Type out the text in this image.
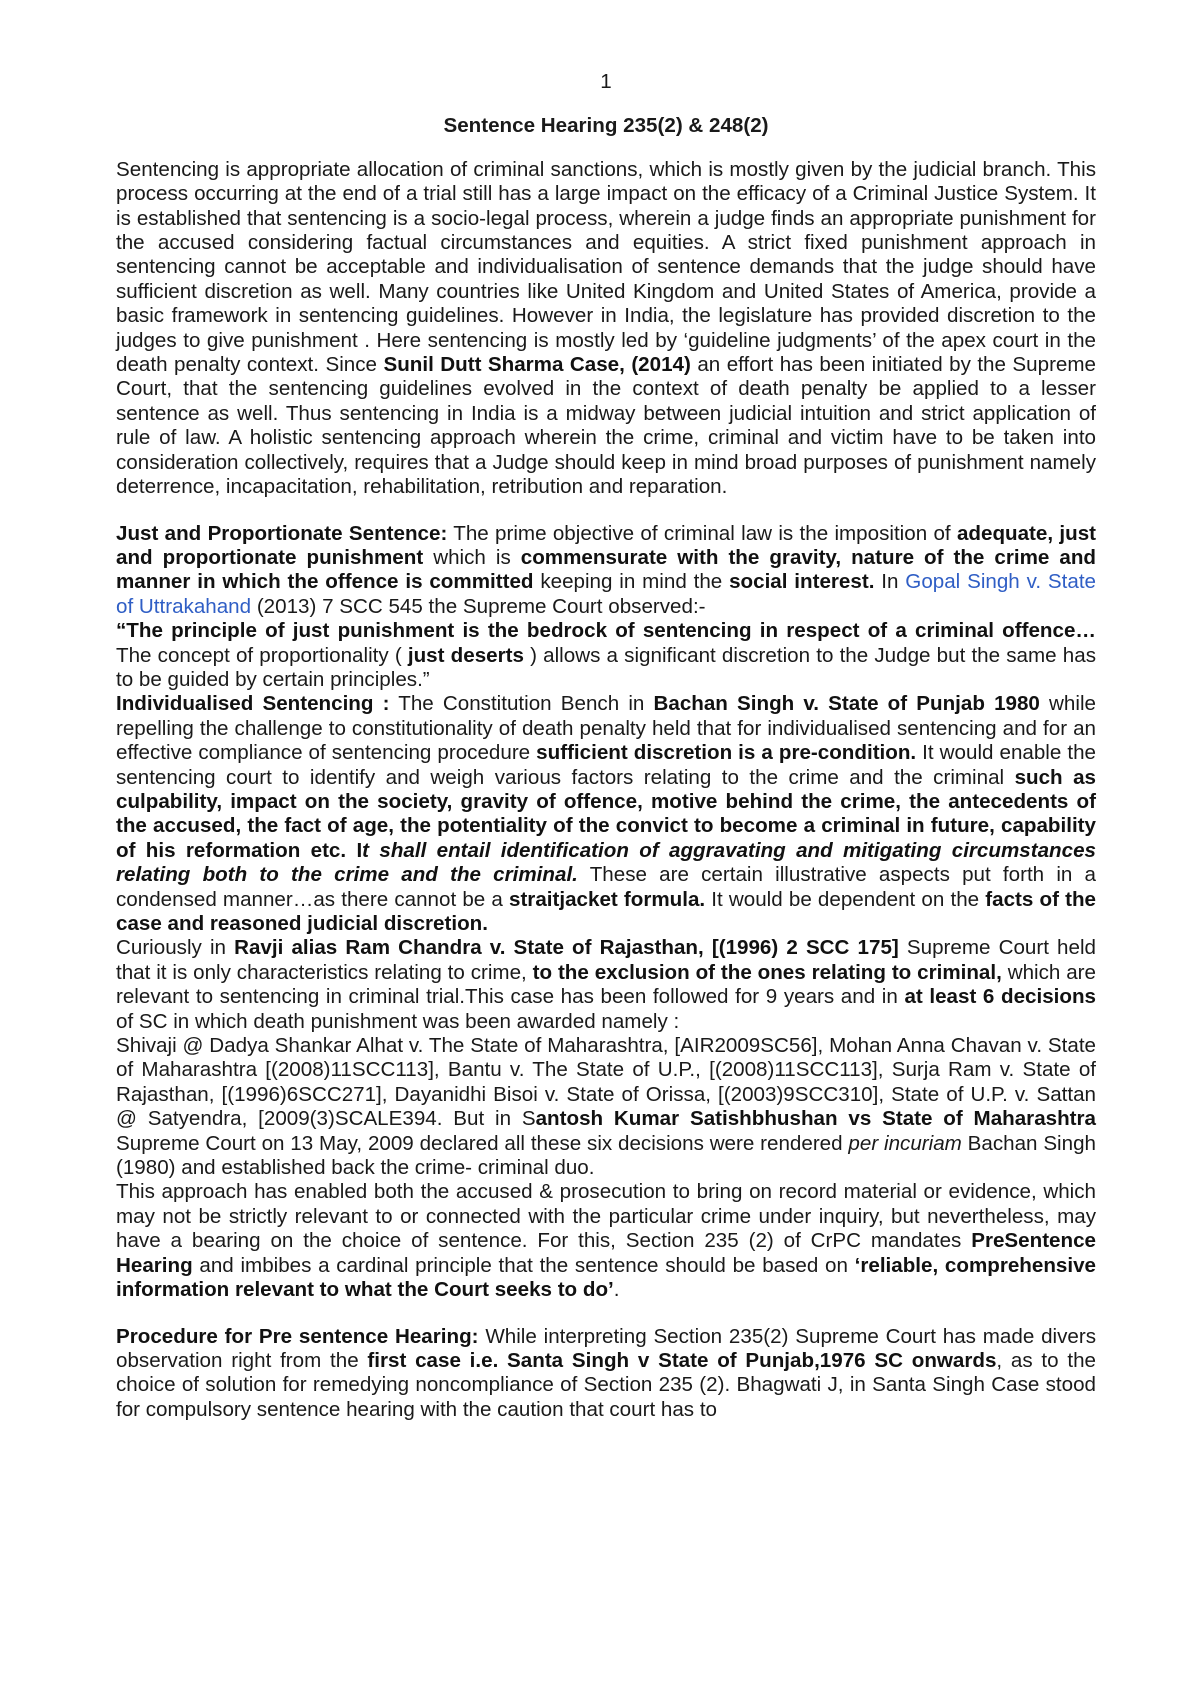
1
Sentence Hearing 235(2) & 248(2)

Sentencing is appropriate allocation of criminal sanctions, which is mostly given by the judicial branch. This process occurring at the end of a trial still has a large impact on the efficacy of a Criminal Justice System. It is established that sentencing is a socio-legal process, wherein a judge finds an appropriate punishment for the accused considering factual circumstances and equities. A strict fixed punishment approach in sentencing cannot be acceptable and individualisation of sentence demands that the judge should have sufficient discretion as well. Many countries like United Kingdom and United States of America, provide a basic framework in sentencing guidelines. However in India, the legislature has provided discretion to the judges to give punishment . Here sentencing is mostly led by ‘guideline judgments’ of the apex court in the death penalty context. Since Sunil Dutt Sharma Case, (2014) an effort has been initiated by the Supreme Court, that the sentencing guidelines evolved in the context of death penalty be applied to a lesser sentence as well. Thus sentencing in India is a midway between judicial intuition and strict application of rule of law. A holistic sentencing approach wherein the crime, criminal and victim have to be taken into consideration collectively, requires that a Judge should keep in mind broad purposes of punishment namely deterrence, incapacitation, rehabilitation, retribution and reparation.

Just and Proportionate Sentence: The prime objective of criminal law is the imposition of adequate, just and proportionate punishment which is commensurate with the gravity, nature of the crime and manner in which the offence is committed keeping in mind the social interest. In Gopal Singh v. State of Uttrakahand (2013) 7 SCC 545 the Supreme Court observed:-

“The principle of just punishment is the bedrock of sentencing in respect of a criminal offence… The concept of proportionality ( just deserts ) allows a significant discretion to the Judge but the same has to be guided by certain principles.”

Individualised Sentencing : The Constitution Bench in Bachan Singh v. State of Punjab 1980 while repelling the challenge to constitutionality of death penalty held that for individualised sentencing and for an effective compliance of sentencing procedure sufficient discretion is a pre-condition. It would enable the sentencing court to identify and weigh various factors relating to the crime and the criminal such as culpability, impact on the society, gravity of offence, motive behind the crime, the antecedents of the accused, the fact of age, the potentiality of the convict to become a criminal in future, capability of his reformation etc. It shall entail identification of aggravating and mitigating circumstances relating both to the crime and the criminal. These are certain illustrative aspects put forth in a condensed manner…as there cannot be a straitjacket formula. It would be dependent on the facts of the case and reasoned judicial discretion.

Curiously in Ravji alias Ram Chandra v. State of Rajasthan, [(1996) 2 SCC 175] Supreme Court held that it is only characteristics relating to crime, to the exclusion of the ones relating to criminal, which are relevant to sentencing in criminal trial.This case has been followed for 9 years and in at least 6 decisions of SC in which death punishment was been awarded namely :

Shivaji @ Dadya Shankar Alhat v. The State of Maharashtra, [AIR2009SC56], Mohan Anna Chavan v. State of Maharashtra [(2008)11SCC113], Bantu v. The State of U.P., [(2008)11SCC113], Surja Ram v. State of Rajasthan, [(1996)6SCC271], Dayanidhi Bisoi v. State of Orissa, [(2003)9SCC310], State of U.P. v. Sattan @ Satyendra, [2009(3)SCALE394. But in Santosh Kumar Satishbhushan vs State of Maharashtra Supreme Court on 13 May, 2009 declared all these six decisions were rendered per incuriam Bachan Singh (1980) and established back the crime- criminal duo.

This approach has enabled both the accused & prosecution to bring on record material or evidence, which may not be strictly relevant to or connected with the particular crime under inquiry, but nevertheless, may have a bearing on the choice of sentence. For this, Section 235 (2) of CrPC mandates PreSentence Hearing and imbibes a cardinal principle that the sentence should be based on ‘reliable, comprehensive information relevant to what the Court seeks to do’.

Procedure for Pre sentence Hearing: While interpreting Section 235(2) Supreme Court has made divers observation right from the first case i.e. Santa Singh v State of Punjab,1976 SC onwards, as to the choice of solution for remedying noncompliance of Section 235 (2). Bhagwati J, in Santa Singh Case stood for compulsory sentence hearing with the caution that court has to
